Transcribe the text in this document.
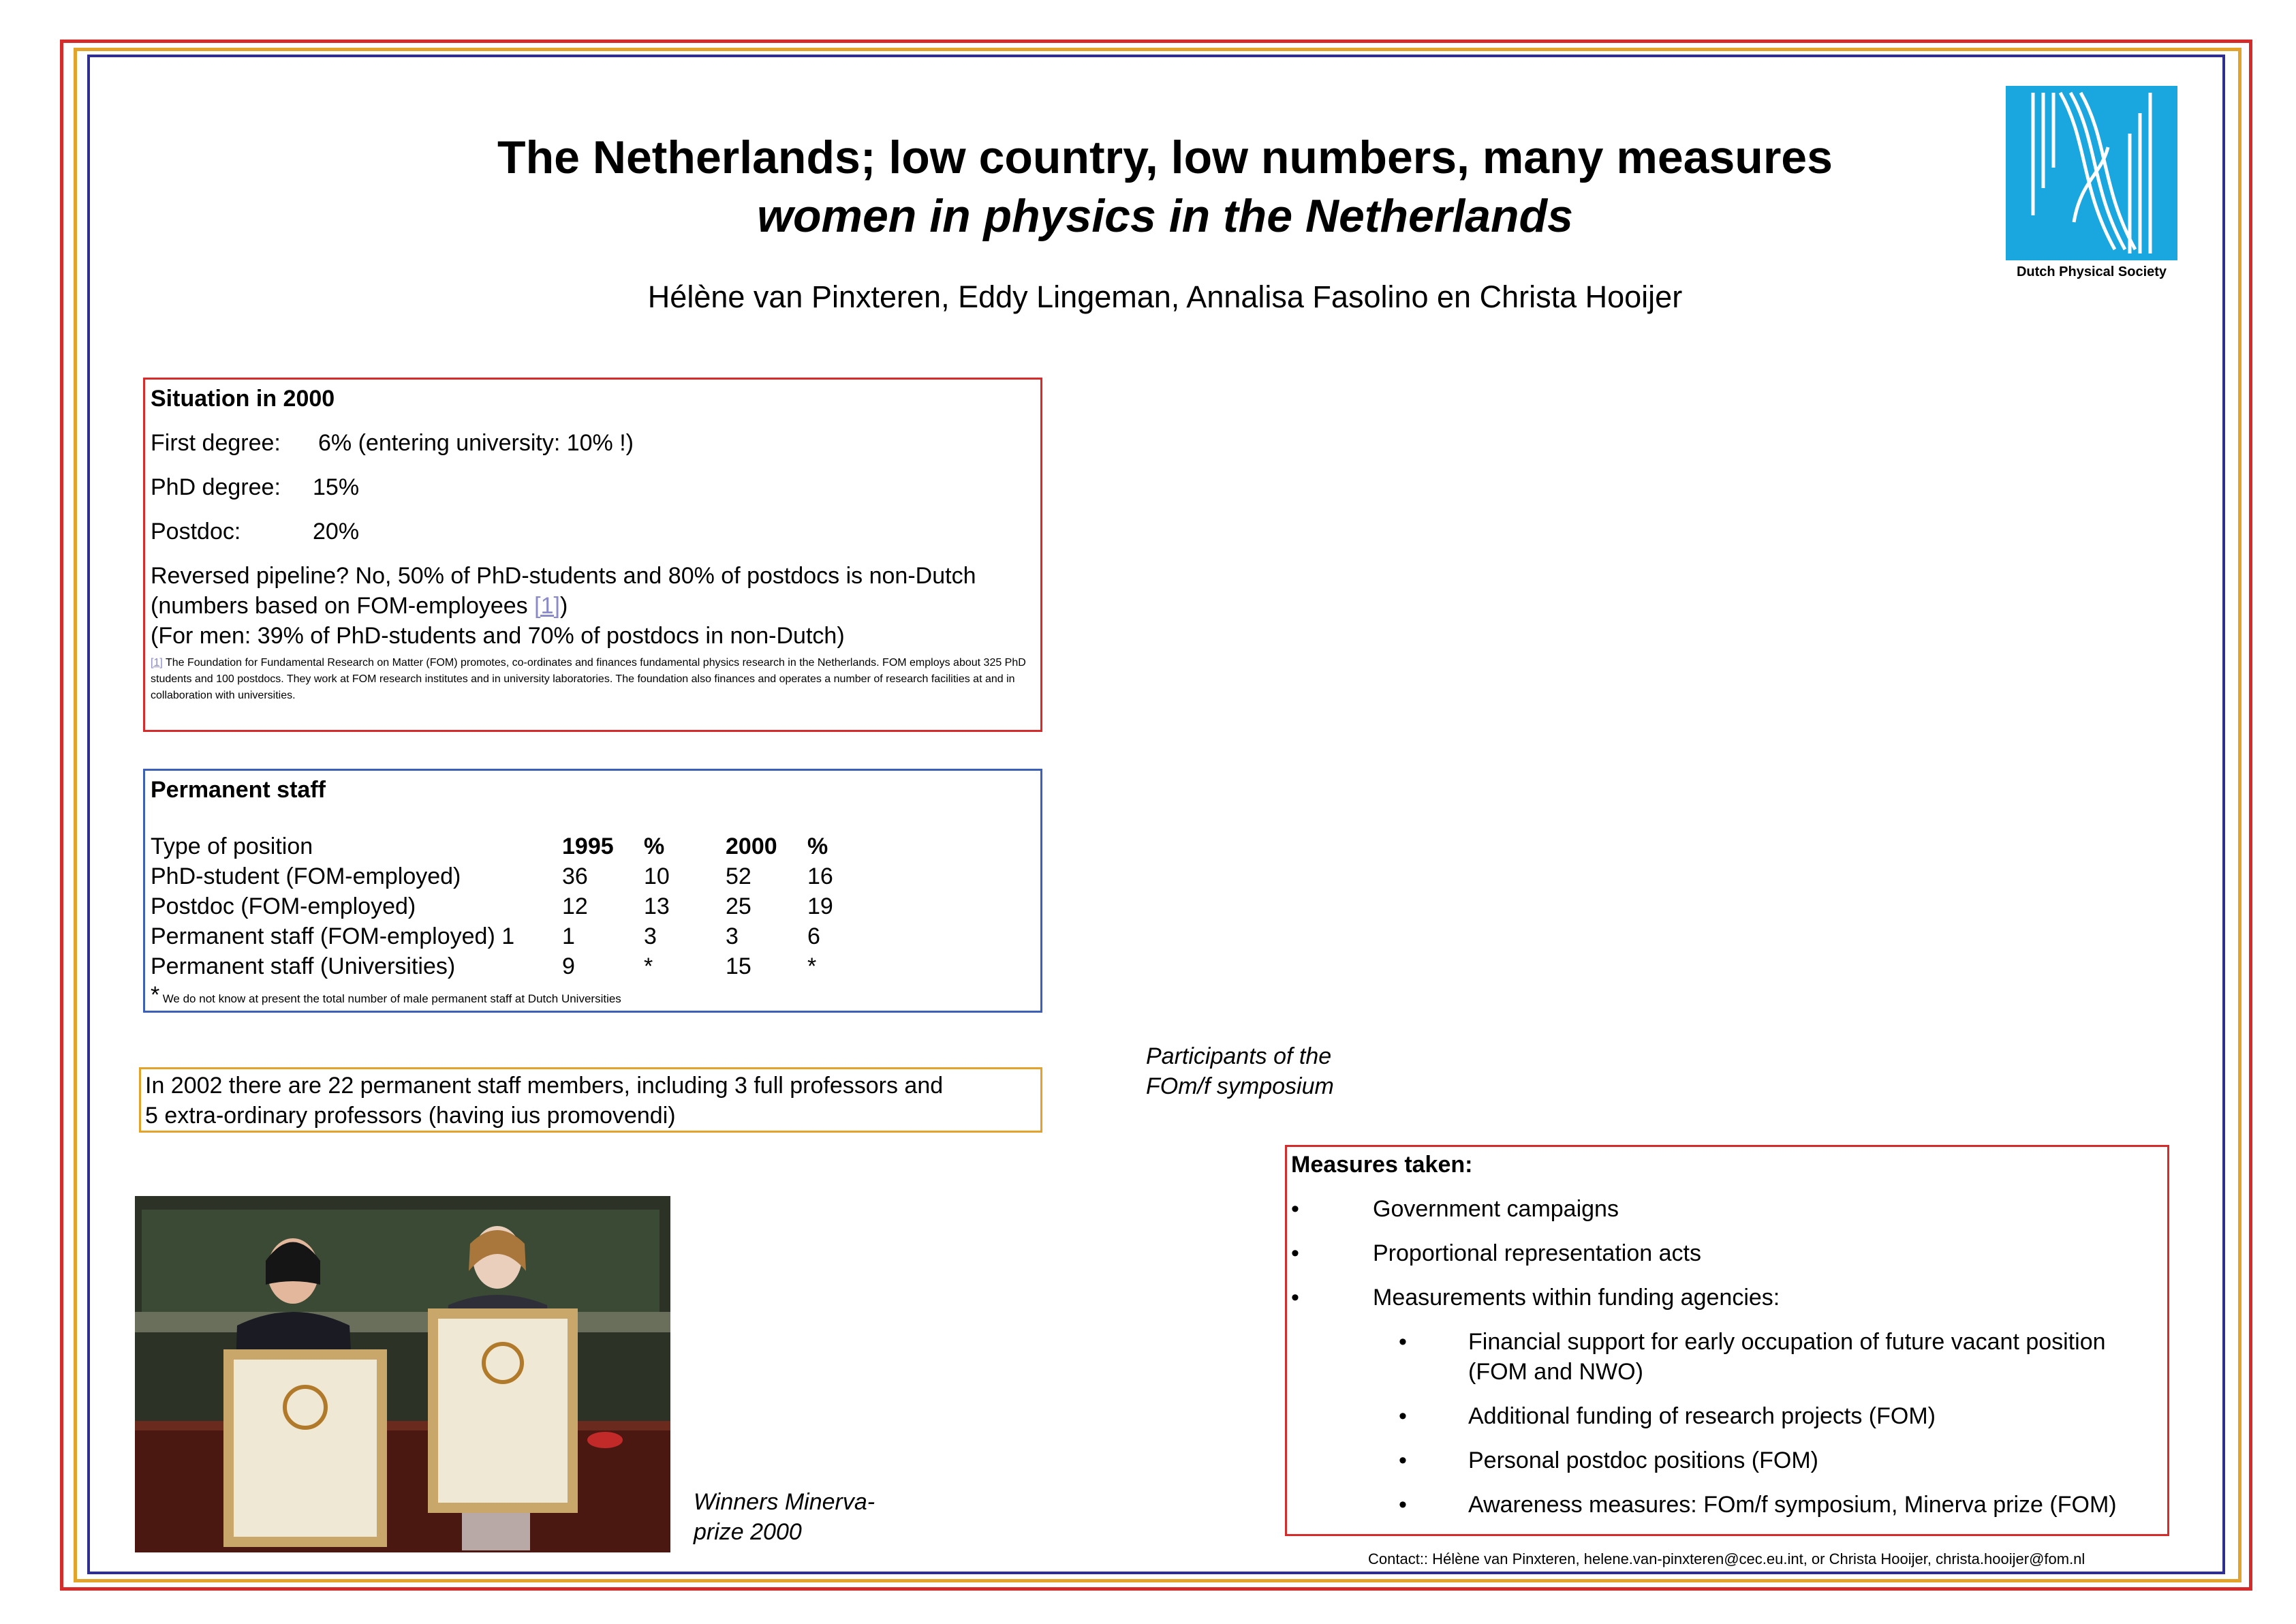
The Netherlands; low country, low numbers, many measures
women in physics in the Netherlands
Hélène van Pinxteren, Eddy Lingeman, Annalisa Fasolino en Christa Hooijer
Dutch Physical Society
Situation in 2000
First degree: 6% (entering university: 10% !)
PhD degree: 15%
Postdoc:	20%
Reversed pipeline? No, 50% of PhD-students and 80% of postdocs is non-Dutch
(numbers based on FOM-employees [1])
(For men: 39% of PhD-students and 70% of postdocs in non-Dutch)
[1] The Foundation for Fundamental Research on Matter (FOM) promotes, co-ordinates and finances fundamental physics research in the Netherlands. FOM employs about 325 PhD students and 100 postdocs. They work at FOM research institutes and in university laboratories. The foundation also finances and operates a number of research facilities at and in collaboration with universities.
Permanent staff
Type of position	1995	%	2000	%
PhD-student (FOM-employed)	36	10	52	16
Postdoc (FOM-employed)	12	13	25	19
Permanent staff (FOM-employed) 1	1	3	3	6
Permanent staff (Universities)	9	*	15	*
* We do not know at present the total number of male permanent staff at Dutch Universities
In 2002 there are 22 permanent staff members, including 3 full professors and
5 extra-ordinary professors (having ius promovendi)
Participants of the
FOm/f symposium
Winners Minerva-
prize 2000
Measures taken:
•	Government campaigns
•	Proportional representation acts
•	Measurements within funding agencies:
•	Financial support for early occupation of future vacant position
(FOM and NWO)
•	Additional funding of research projects (FOM)
•	Personal postdoc positions (FOM)
•	Awareness measures: FOm/f symposium, Minerva prize (FOM)
Contact:: Hélène van Pinxteren, helene.van-pinxteren@cec.eu.int, or Christa Hooijer, christa.hooijer@fom.nl
